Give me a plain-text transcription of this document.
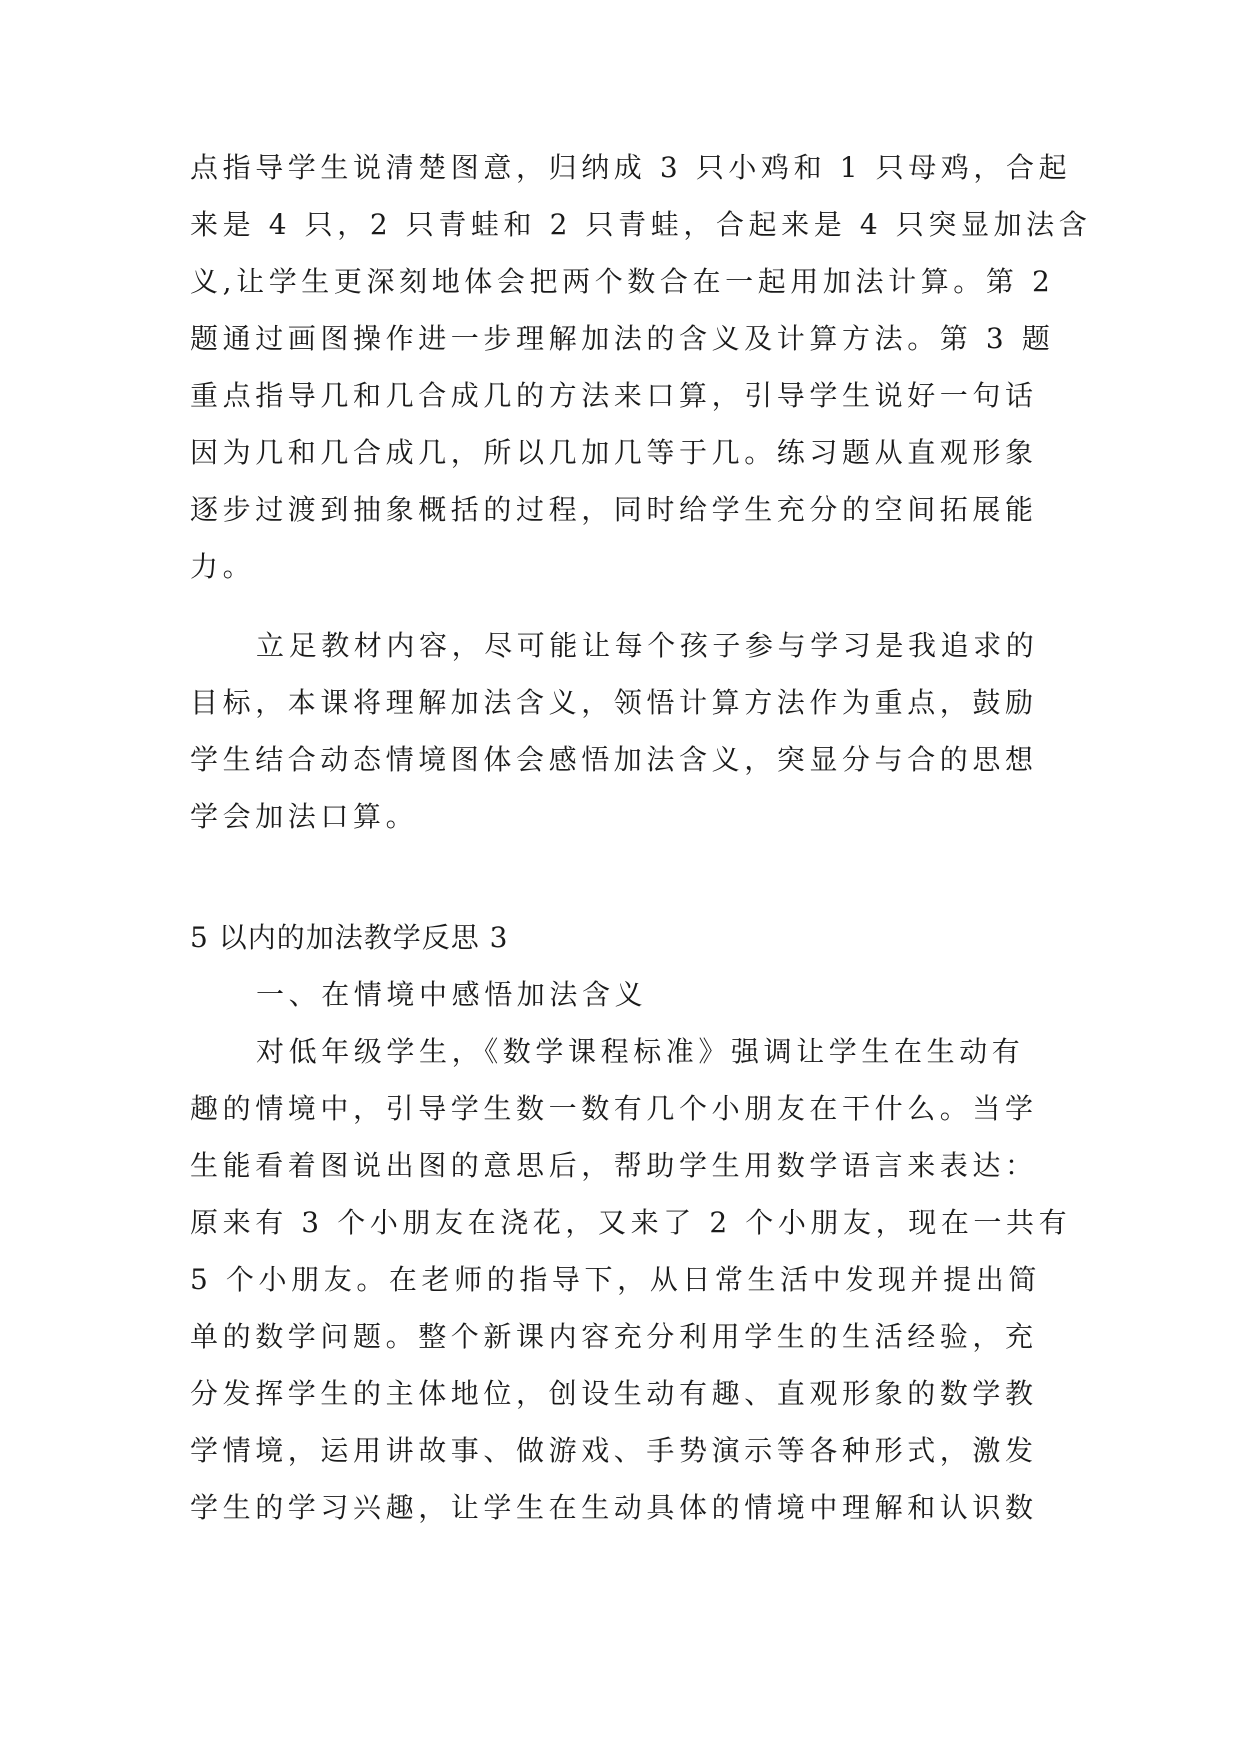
点指导学生说清楚图意，归纳成 3 只小鸡和 1 只母鸡，合起
来是 4 只，2 只青蛙和 2 只青蛙，合起来是 4 只突显加法含
义,让学生更深刻地体会把两个数合在一起用加法计算。第 2
题通过画图操作进一步理解加法的含义及计算方法。第 3 题
重点指导几和几合成几的方法来口算，引导学生说好一句话
因为几和几合成几，所以几加几等于几。练习题从直观形象
逐步过渡到抽象概括的过程，同时给学生充分的空间拓展能
力。
立足教材内容，尽可能让每个孩子参与学习是我追求的
目标，本课将理解加法含义，领悟计算方法作为重点，鼓励
学生结合动态情境图体会感悟加法含义，突显分与合的思想
学会加法口算。
5 以内的加法教学反思 3
一、在情境中感悟加法含义
对低年级学生，《数学课程标准》强调让学生在生动有
趣的情境中，引导学生数一数有几个小朋友在干什么。当学
生能看着图说出图的意思后，帮助学生用数学语言来表达：
原来有 3 个小朋友在浇花，又来了 2 个小朋友，现在一共有
5 个小朋友。在老师的指导下，从日常生活中发现并提出简
单的数学问题。整个新课内容充分利用学生的生活经验，充
分发挥学生的主体地位，创设生动有趣、直观形象的数学教
学情境，运用讲故事、做游戏、手势演示等各种形式，激发
学生的学习兴趣，让学生在生动具体的情境中理解和认识数
